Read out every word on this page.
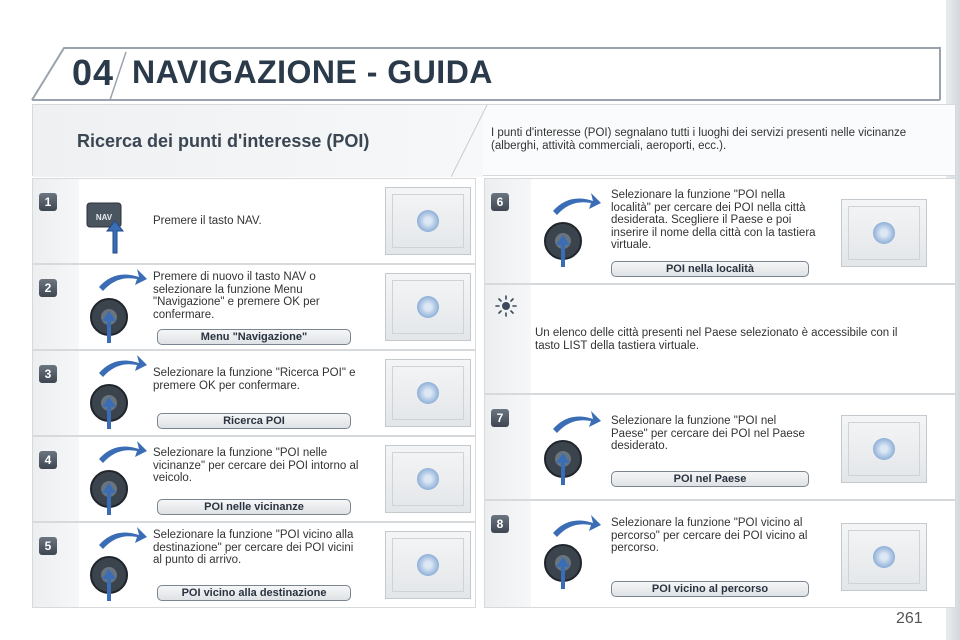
04 NAVIGAZIONE - GUIDA
Ricerca dei punti d'interesse (POI)	I punti d'interesse (POI) segnalano tutti i luoghi dei servizi presenti nelle vicinanze (alberghi, attività commerciali, aeroporti, ecc.).
1
NAV	Premere il tasto NAV.
2
Premere di nuovo il tasto NAV o selezionare la funzione Menu "Navigazione" e premere OK per confermare.
Menu "Navigazione"
3	Selezionare la funzione "Ricerca POI" e premere OK per confermare.
Ricerca POI
4	Selezionare la funzione "POI nelle vicinanze" per cercare dei POI intorno al veicolo.
POI nelle vicinanze
5
Selezionare la funzione "POI vicino alla destinazione" per cercare dei POI vicini al punto di arrivo.
POI vicino alla destinazione
6	Selezionare la funzione "POI nella località" per cercare dei POI nella città desiderata. Scegliere il Paese e poi inserire il nome della città con la tastiera virtuale.
POI nella località
Un elenco delle città presenti nel Paese selezionato è accessibile con il tasto LIST della tastiera virtuale.
7	Selezionare la funzione "POI nel Paese" per cercare dei POI nel Paese desiderato.
POI nel Paese
8	Selezionare la funzione "POI vicino al percorso" per cercare dei POI vicino al percorso.
POI vicino al percorso
261
